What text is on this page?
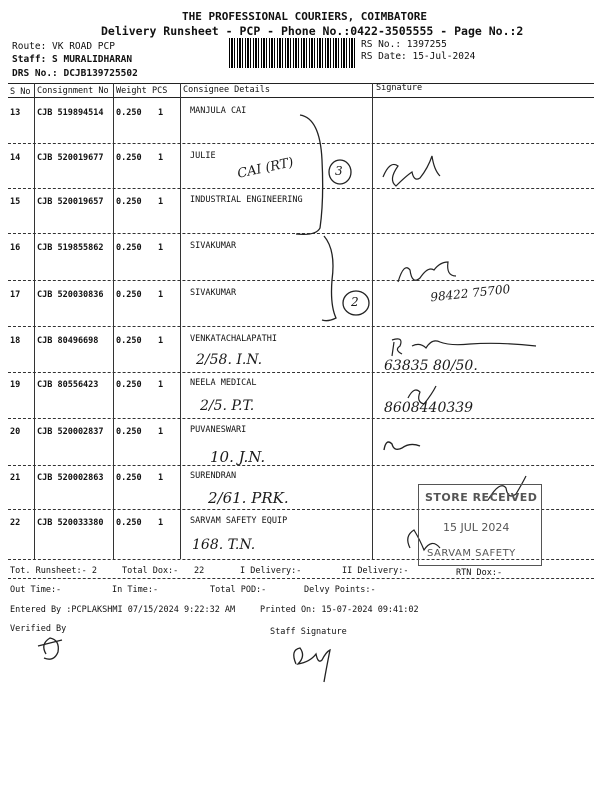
THE PROFESSIONAL COURIERS, COIMBATORE
Delivery Runsheet - PCP - Phone No.:0422-3505555 - Page No.:2
Route: VK ROAD PCP
Staff: S MURALIDHARAN
DRS No.: DCJB139725502
RS No.: 1397255
RS Date: 15-Jul-2024
S No Consignment No Weight PCS Consignee Details	Signature
13 CJB 519894514 0.250 1	MANJULA CAI
14 CJB 520019677 0.250 1	JULIE
15 CJB 520019657 0.250 1	INDUSTRIAL ENGINEERING
16 CJB 519855862 0.250 1	SIVAKUMAR
17 CJB 520030836 0.250 1	SIVAKUMAR
18 CJB 80496698 0.250 1	VENKATACHALAPATHI
19 CJB 80556423 0.250 1	NEELA MEDICAL
20 CJB 520002837 0.250 1	PUVANESWARI
21 CJB 520002863 0.250 1	SURENDRAN
22 CJB 520033380 0.250 1	SARVAM SAFETY EQUIP
CAI (RT)	3
2	98422 75700
2/58. I.N.
2/5. P.T.
10. J.N.
2/61. PRK.
168. T.N.
63835 80/50.
8608440339
STORE RECEIVED
15 JUL 2024
SARVAM SAFETY
Tot. Runsheet:- 2	Total Dox:- 22	I Delivery:-	II Delivery:-	RTN Dox:-
Out Time:-	In Time:-	Total POD:-	Delvy Points:-
Entered By :PCPLAKSHMI 07/15/2024 9:22:32 AM	Printed On: 15-07-2024 09:41:02
Verified By	Staff Signature
